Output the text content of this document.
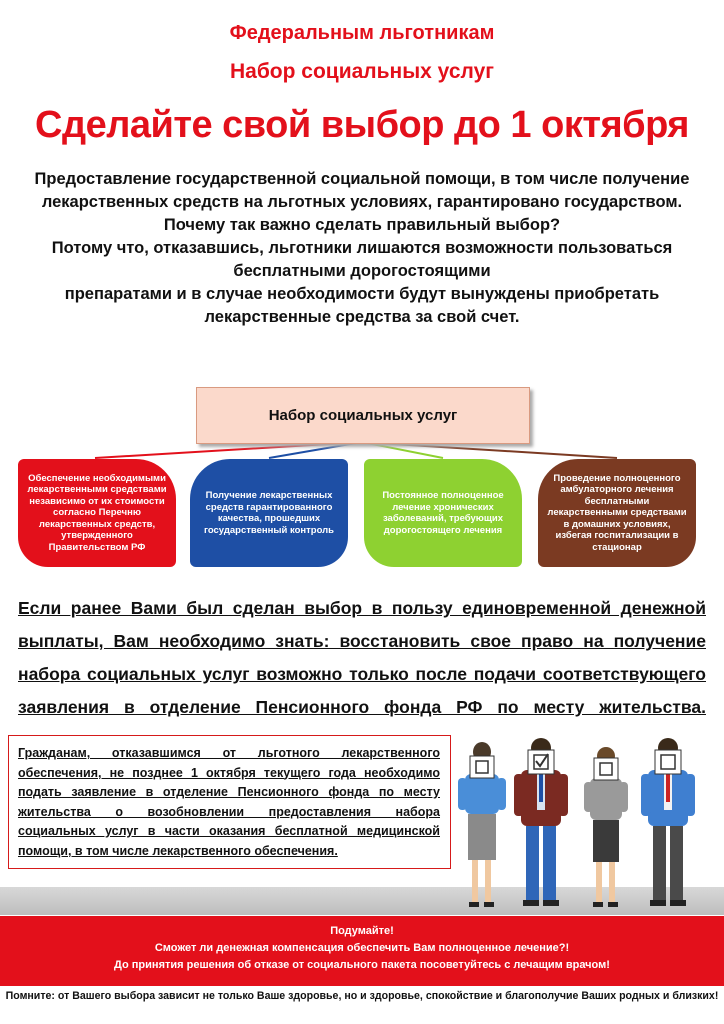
Федеральным льготникам
Набор социальных услуг
Сделайте свой выбор до 1 октября
Предоставление государственной социальной помощи, в том числе получение
лекарственных средств на льготных условиях, гарантировано государством.
Почему так важно сделать правильный выбор?
Потому что, отказавшись, льготники лишаются возможности пользоваться
бесплатными дорогостоящими
препаратами и в случае необходимости будут вынуждены приобретать
лекарственные средства за свой счет.
Набор социальных услуг
Обеспечение необходимыми лекарственными средствами независимо от их стоимости согласно Перечню лекарственных средств, утвержденного Правительством РФ
Получение лекарственных средств гарантированного качества, прошедших государственный контроль
Постоянное полноценное лечение хронических заболеваний, требующих дорогостоящего лечения
Проведение полноценного амбулаторного лечения бесплатными лекарственными средствами в домашних условиях, избегая госпитализации в стационар
Если ранее Вами был сделан выбор в пользу единовременной денежной
выплаты, Вам необходимо знать: восстановить свое право на получение
набора социальных услуг возможно только после подачи соответствующего
заявления в отделение Пенсионного фонда РФ по месту жительства.
Гражданам, отказавшимся от льготного лекарственного
обеспечения, не позднее 1 октября текущего года необходимо
подать заявление в отделение Пенсионного фонда по месту
жительства о возобновлении предоставления набора
социальных услуг в части оказания бесплатной медицинской
помощи, в том числе лекарственного обеспечения.
Подумайте!
Сможет ли денежная компенсация обеспечить Вам полноценное лечение?!
До принятия решения об отказе от социального пакета посоветуйтесь с лечащим врачом!
Помните: от Вашего выбора зависит не только Ваше здоровье, но и здоровье, спокойствие и благополучие Ваших родных и близких!
